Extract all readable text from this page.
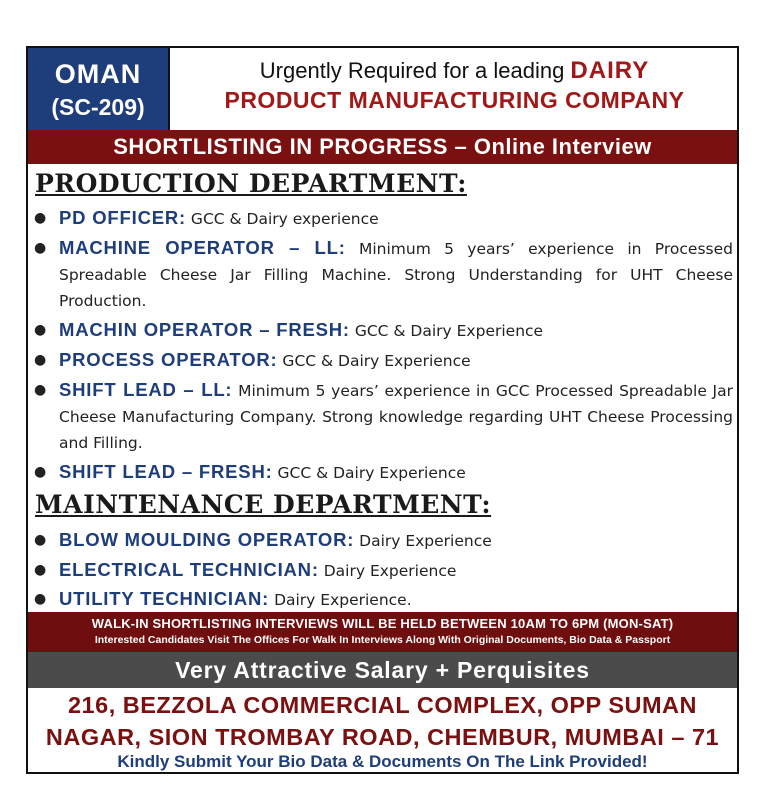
OMAN
(SC-209)
Urgently Required for a leading DAIRY
PRODUCT MANUFACTURING COMPANY
SHORTLISTING IN PROGRESS – Online Interview
PRODUCTION DEPARTMENT:
● PD OFFICER: GCC & Dairy experience
● MACHINE OPERATOR – LL: Minimum 5 years’ experience in Processed Spreadable Cheese Jar Filling Machine. Strong Understanding for UHT Cheese Production.
● MACHIN OPERATOR – FRESH: GCC & Dairy Experience
● PROCESS OPERATOR: GCC & Dairy Experience
● SHIFT LEAD – LL: Minimum 5 years’ experience in GCC Processed Spreadable Jar Cheese Manufacturing Company. Strong knowledge regarding UHT Cheese Processing and Filling.
● SHIFT LEAD – FRESH: GCC & Dairy Experience
MAINTENANCE DEPARTMENT:
● BLOW MOULDING OPERATOR: Dairy Experience
● ELECTRICAL TECHNICIAN: Dairy Experience
● UTILITY TECHNICIAN: Dairy Experience.
WALK-IN SHORTLISTING INTERVIEWS WILL BE HELD BETWEEN 10AM TO 6PM (MON-SAT)
Interested Candidates Visit The Offices For Walk In Interviews Along With Original Documents, Bio Data & Passport
Very Attractive Salary + Perquisites
216, BEZZOLA COMMERCIAL COMPLEX, OPP SUMAN
NAGAR, SION TROMBAY ROAD, CHEMBUR, MUMBAI – 71
Kindly Submit Your Bio Data & Documents On The Link Provided!
